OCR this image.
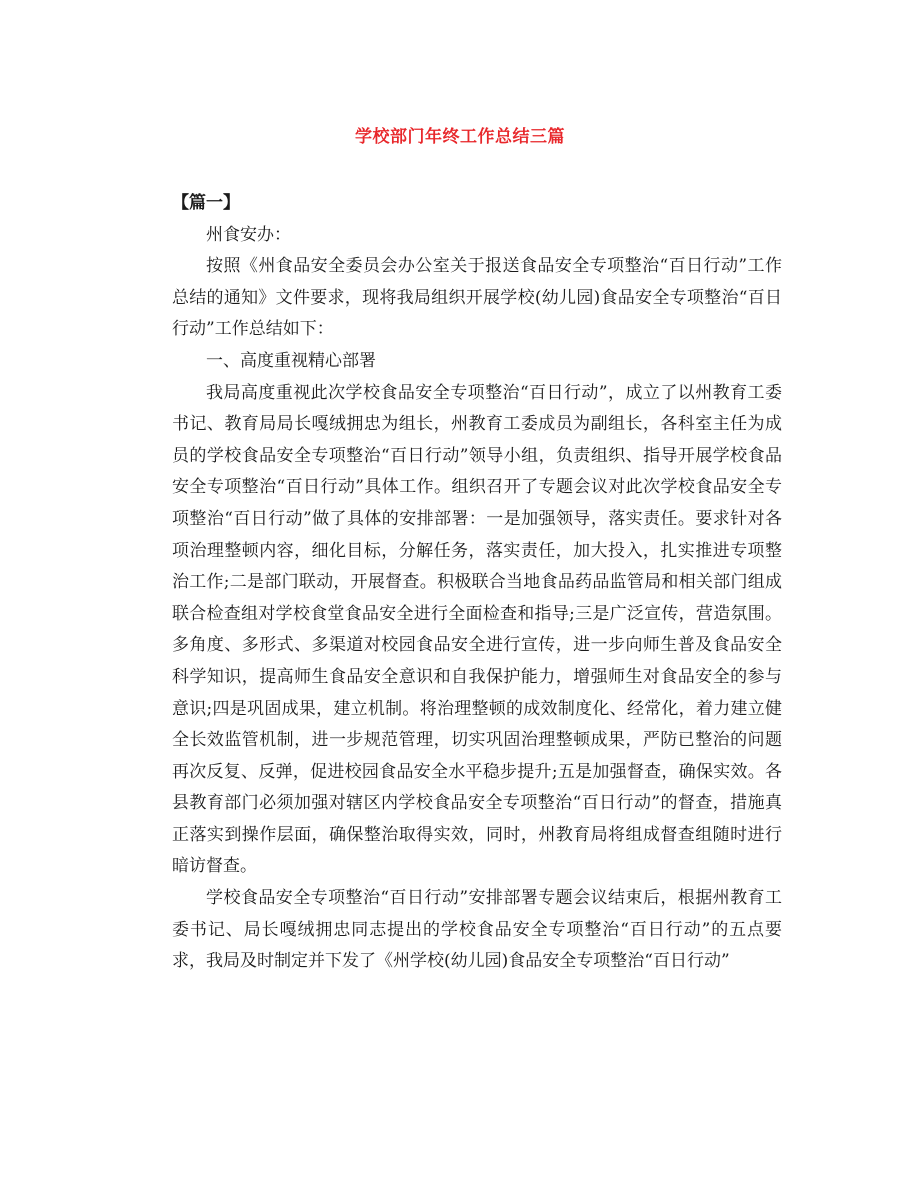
学校部门年终工作总结三篇

【篇一】

州食安办：

按照《州食品安全委员会办公室关于报送食品安全专项整治“百日行动”工作总结的通知》文件要求，现将我局组织开展学校(幼儿园)食品安全专项整治“百日行动”工作总结如下：

一、高度重视精心部署

我局高度重视此次学校食品安全专项整治“百日行动”，成立了以州教育工委书记、教育局局长嘎绒拥忠为组长，州教育工委成员为副组长，各科室主任为成员的学校食品安全专项整治“百日行动”领导小组，负责组织、指导开展学校食品安全专项整治“百日行动”具体工作。组织召开了专题会议对此次学校食品安全专项整治“百日行动”做了具体的安排部署：一是加强领导，落实责任。要求针对各项治理整顿内容，细化目标，分解任务，落实责任，加大投入，扎实推进专项整治工作;二是部门联动，开展督查。积极联合当地食品药品监管局和相关部门组成联合检查组对学校食堂食品安全进行全面检查和指导;三是广泛宣传，营造氛围。多角度、多形式、多渠道对校园食品安全进行宣传，进一步向师生普及食品安全科学知识，提高师生食品安全意识和自我保护能力，增强师生对食品安全的参与意识;四是巩固成果，建立机制。将治理整顿的成效制度化、经常化，着力建立健全长效监管机制，进一步规范管理，切实巩固治理整顿成果，严防已整治的问题再次反复、反弹，促进校园食品安全水平稳步提升;五是加强督查，确保实效。各县教育部门必须加强对辖区内学校食品安全专项整治“百日行动”的督查，措施真正落实到操作层面，确保整治取得实效，同时，州教育局将组成督查组随时进行暗访督查。

学校食品安全专项整治“百日行动”安排部署专题会议结束后，根据州教育工委书记、局长嘎绒拥忠同志提出的学校食品安全专项整治“百日行动”的五点要求，我局及时制定并下发了《州学校(幼儿园)食品安全专项整治“百日行动”
